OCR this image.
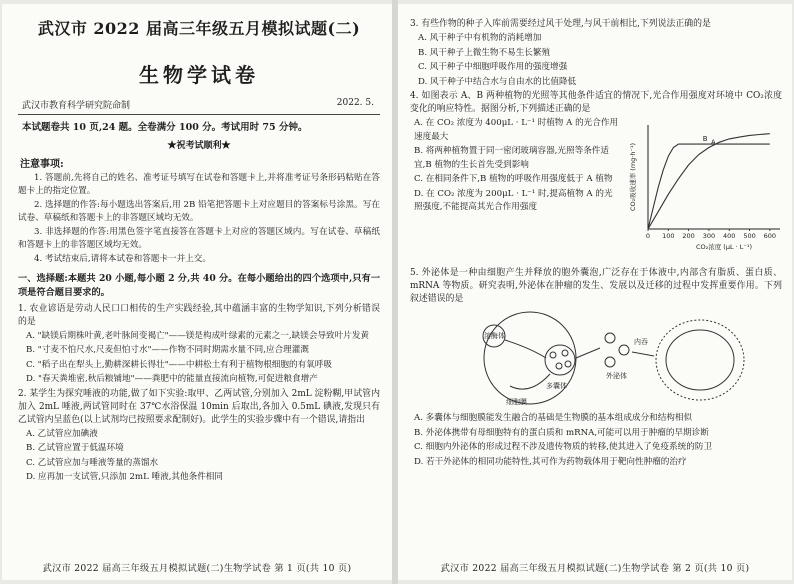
武汉市 2022 届高三年级五月模拟试题(二)
生物学试卷
武汉市教育科学研究院命制	2022. 5.
本试题卷共 10 页,24 题。全卷满分 100 分。考试用时 75 分钟。
★祝考试顺利★
注意事项:
1. 答题前,先将自己的姓名、准考证号填写在试卷和答题卡上,并将准考证号条形码粘贴在答题卡上的指定位置。
2. 选择题的作答:每小题选出答案后,用 2B 铅笔把答题卡上对应题目的答案标号涂黑。写在试卷、草稿纸和答题卡上的非答题区域均无效。
3. 非选择题的作答:用黑色签字笔直接答在答题卡上对应的答题区域内。写在试卷、草稿纸和答题卡上的非答题区域均无效。
4. 考试结束后,请将本试卷和答题卡一并上交。
一、选择题:本题共 20 小题,每小题 2 分,共 40 分。在每小题给出的四个选项中,只有一项是符合题目要求的。
1. 农业谚语是劳动人民口口相传的生产实践经验,其中蕴涵丰富的生物学知识,下列分析错误的是
A. "缺镁后期株叶黄,老叶脉间变褐亡"——镁是构成叶绿素的元素之一,缺镁会导致叶片发黄
B. "寸麦不怕尺水,尺麦但怕寸水"——作物不同时期需水量不同,应合理灌溉
C. "稻子出在犁头上,勤耕深耕长得壮"——中耕松土有利于植物根细胞的有氧呼吸
D. "春天粪堆密,秋后粮铺地"——粪肥中的能量直接流向植物,可促进粮食增产
2. 某学生为探究唾液的功能,做了如下实验:取甲、乙两试管,分别加入 2mL 淀粉糊,甲试管内加入 2mL 唾液,两试管同时在 37℃水浴保温 10min 后取出,各加入 0.5mL 碘液,发现只有乙试管内呈蓝色(以上试剂均已按照要求配制好)。此学生的实验步骤中有一个错误,请指出
A. 乙试管应加碘液
B. 乙试管应置于低温环境
C. 乙试管应加与唾液等量的蒸馏水
D. 应再加一支试管,只添加 2mL 唾液,其他条件相同
武汉市 2022 届高三年级五月模拟试题(二)生物学试卷 第 1 页(共 10 页)
3. 有些作物的种子入库前需要经过风干处理,与风干前相比,下列说法正确的是
A. 风干种子中有机物的消耗增加
B. 风干种子上微生物不易生长繁殖
C. 风干种子中细胞呼吸作用的强度增强
D. 风干种子中结合水与自由水的比值降低
4. 如图表示 A、B 两种植物的光照等其他条件适宜的情况下,光合作用强度对环境中 CO₂浓度变化的响应特性。据图分析,下列描述正确的是
A. 在 CO₂ 浓度为 400μL · L⁻¹ 时植物 A 的光合作用速度最大
B. 将两种植物置于同一密闭玻璃容器,光照等条件适宜,B 植物的生长首先受到影响
C. 在相同条件下,B 植物的呼吸作用强度低于 A 植物
D. 在 CO₂ 浓度为 200μL · L⁻¹ 时,提高植物 A 的光照强度,不能提高其光合作用强度
0 100 200 300 400 500 600
CO₂浓度 (μL · L⁻¹)
CO₂吸收速率 (mg·h⁻¹)
A
B
5. 外泌体是一种由细胞产生并释放的胞外囊泡,广泛存在于体液中,内部含有脂质、蛋白质、mRNA 等物质。研究表明,外泌体在肿瘤的发生、发展以及迁移的过程中发挥重要作用。下列叙述错误的是
溶酶体
多囊体
外泌体
内吞
细胞膜
A. 多囊体与细胞膜能发生融合的基础是生物膜的基本组成成分和结构相似
B. 外泌体携带有母细胞特有的蛋白质和 mRNA,可能可以用于肿瘤的早期诊断
C. 细胞内外泌体的形成过程不涉及遗传物质的转移,使其进入了免疫系统的防卫
D. 若干外泌体的相同功能特性,其可作为药物载体用于靶向性肿瘤的治疗
武汉市 2022 届高三年级五月模拟试题(二)生物学试卷 第 2 页(共 10 页)
